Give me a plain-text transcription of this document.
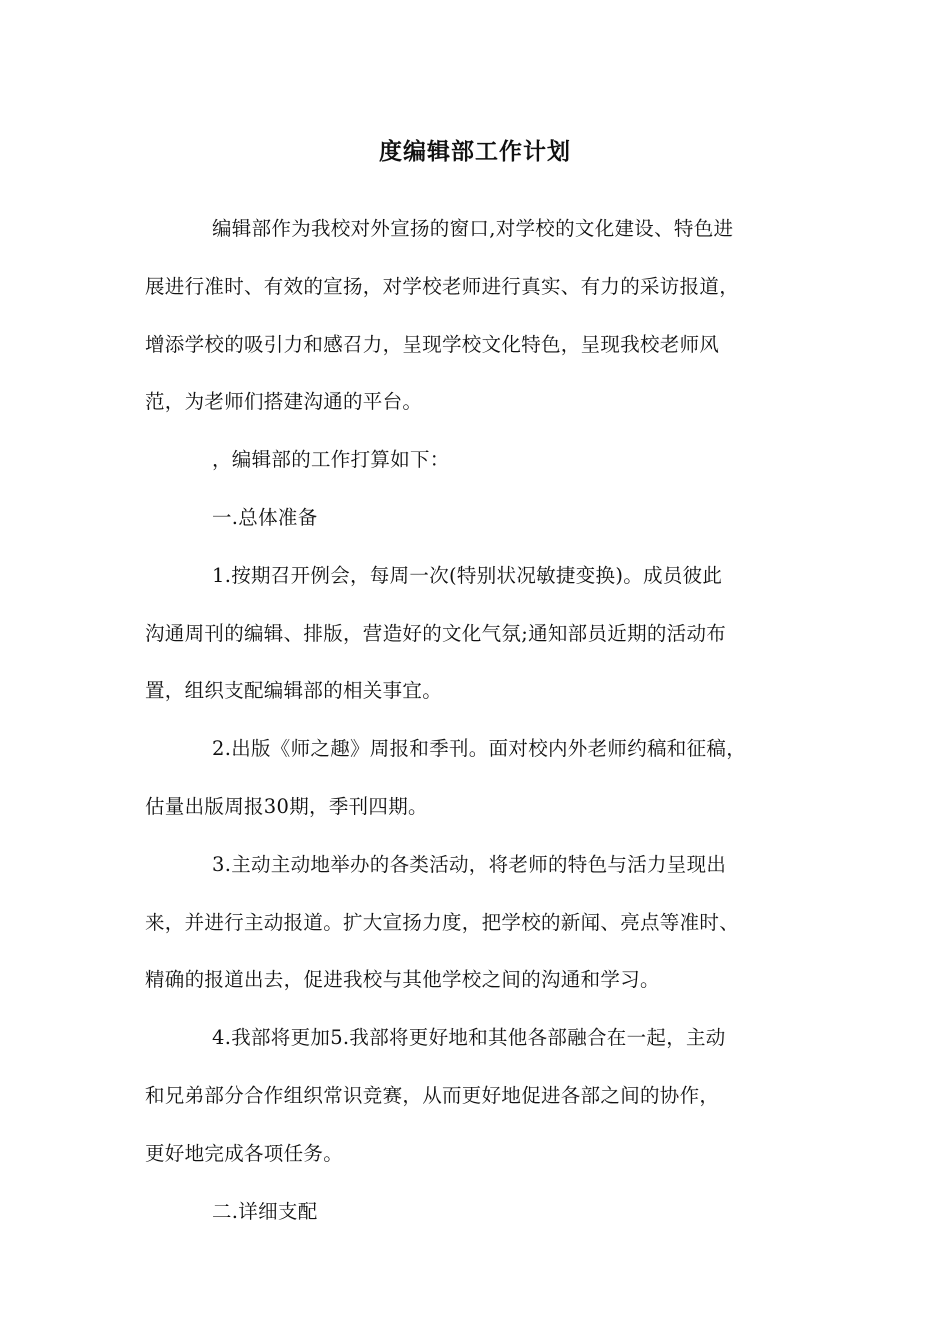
度编辑部工作计划

编辑部作为我校对外宣扬的窗口,对学校的文化建设、特色进
展进行准时、有效的宣扬，对学校老师进行真实、有力的采访报道，
增添学校的吸引力和感召力，呈现学校文化特色，呈现我校老师风
范，为老师们搭建沟通的平台。

，编辑部的工作打算如下：

一.总体准备

1.按期召开例会，每周一次(特别状况敏捷变换)。成员彼此
沟通周刊的编辑、排版，营造好的文化气氛;通知部员近期的活动布
置，组织支配编辑部的相关事宜。

2.出版《师之趣》周报和季刊。面对校内外老师约稿和征稿，
估量出版周报30期，季刊四期。

3.主动主动地举办的各类活动，将老师的特色与活力呈现出
来，并进行主动报道。扩大宣扬力度，把学校的新闻、亮点等准时、
精确的报道出去，促进我校与其他学校之间的沟通和学习。

4.我部将更加5.我部将更好地和其他各部融合在一起，主动
和兄弟部分合作组织常识竞赛，从而更好地促进各部之间的协作，
更好地完成各项任务。

二.详细支配
